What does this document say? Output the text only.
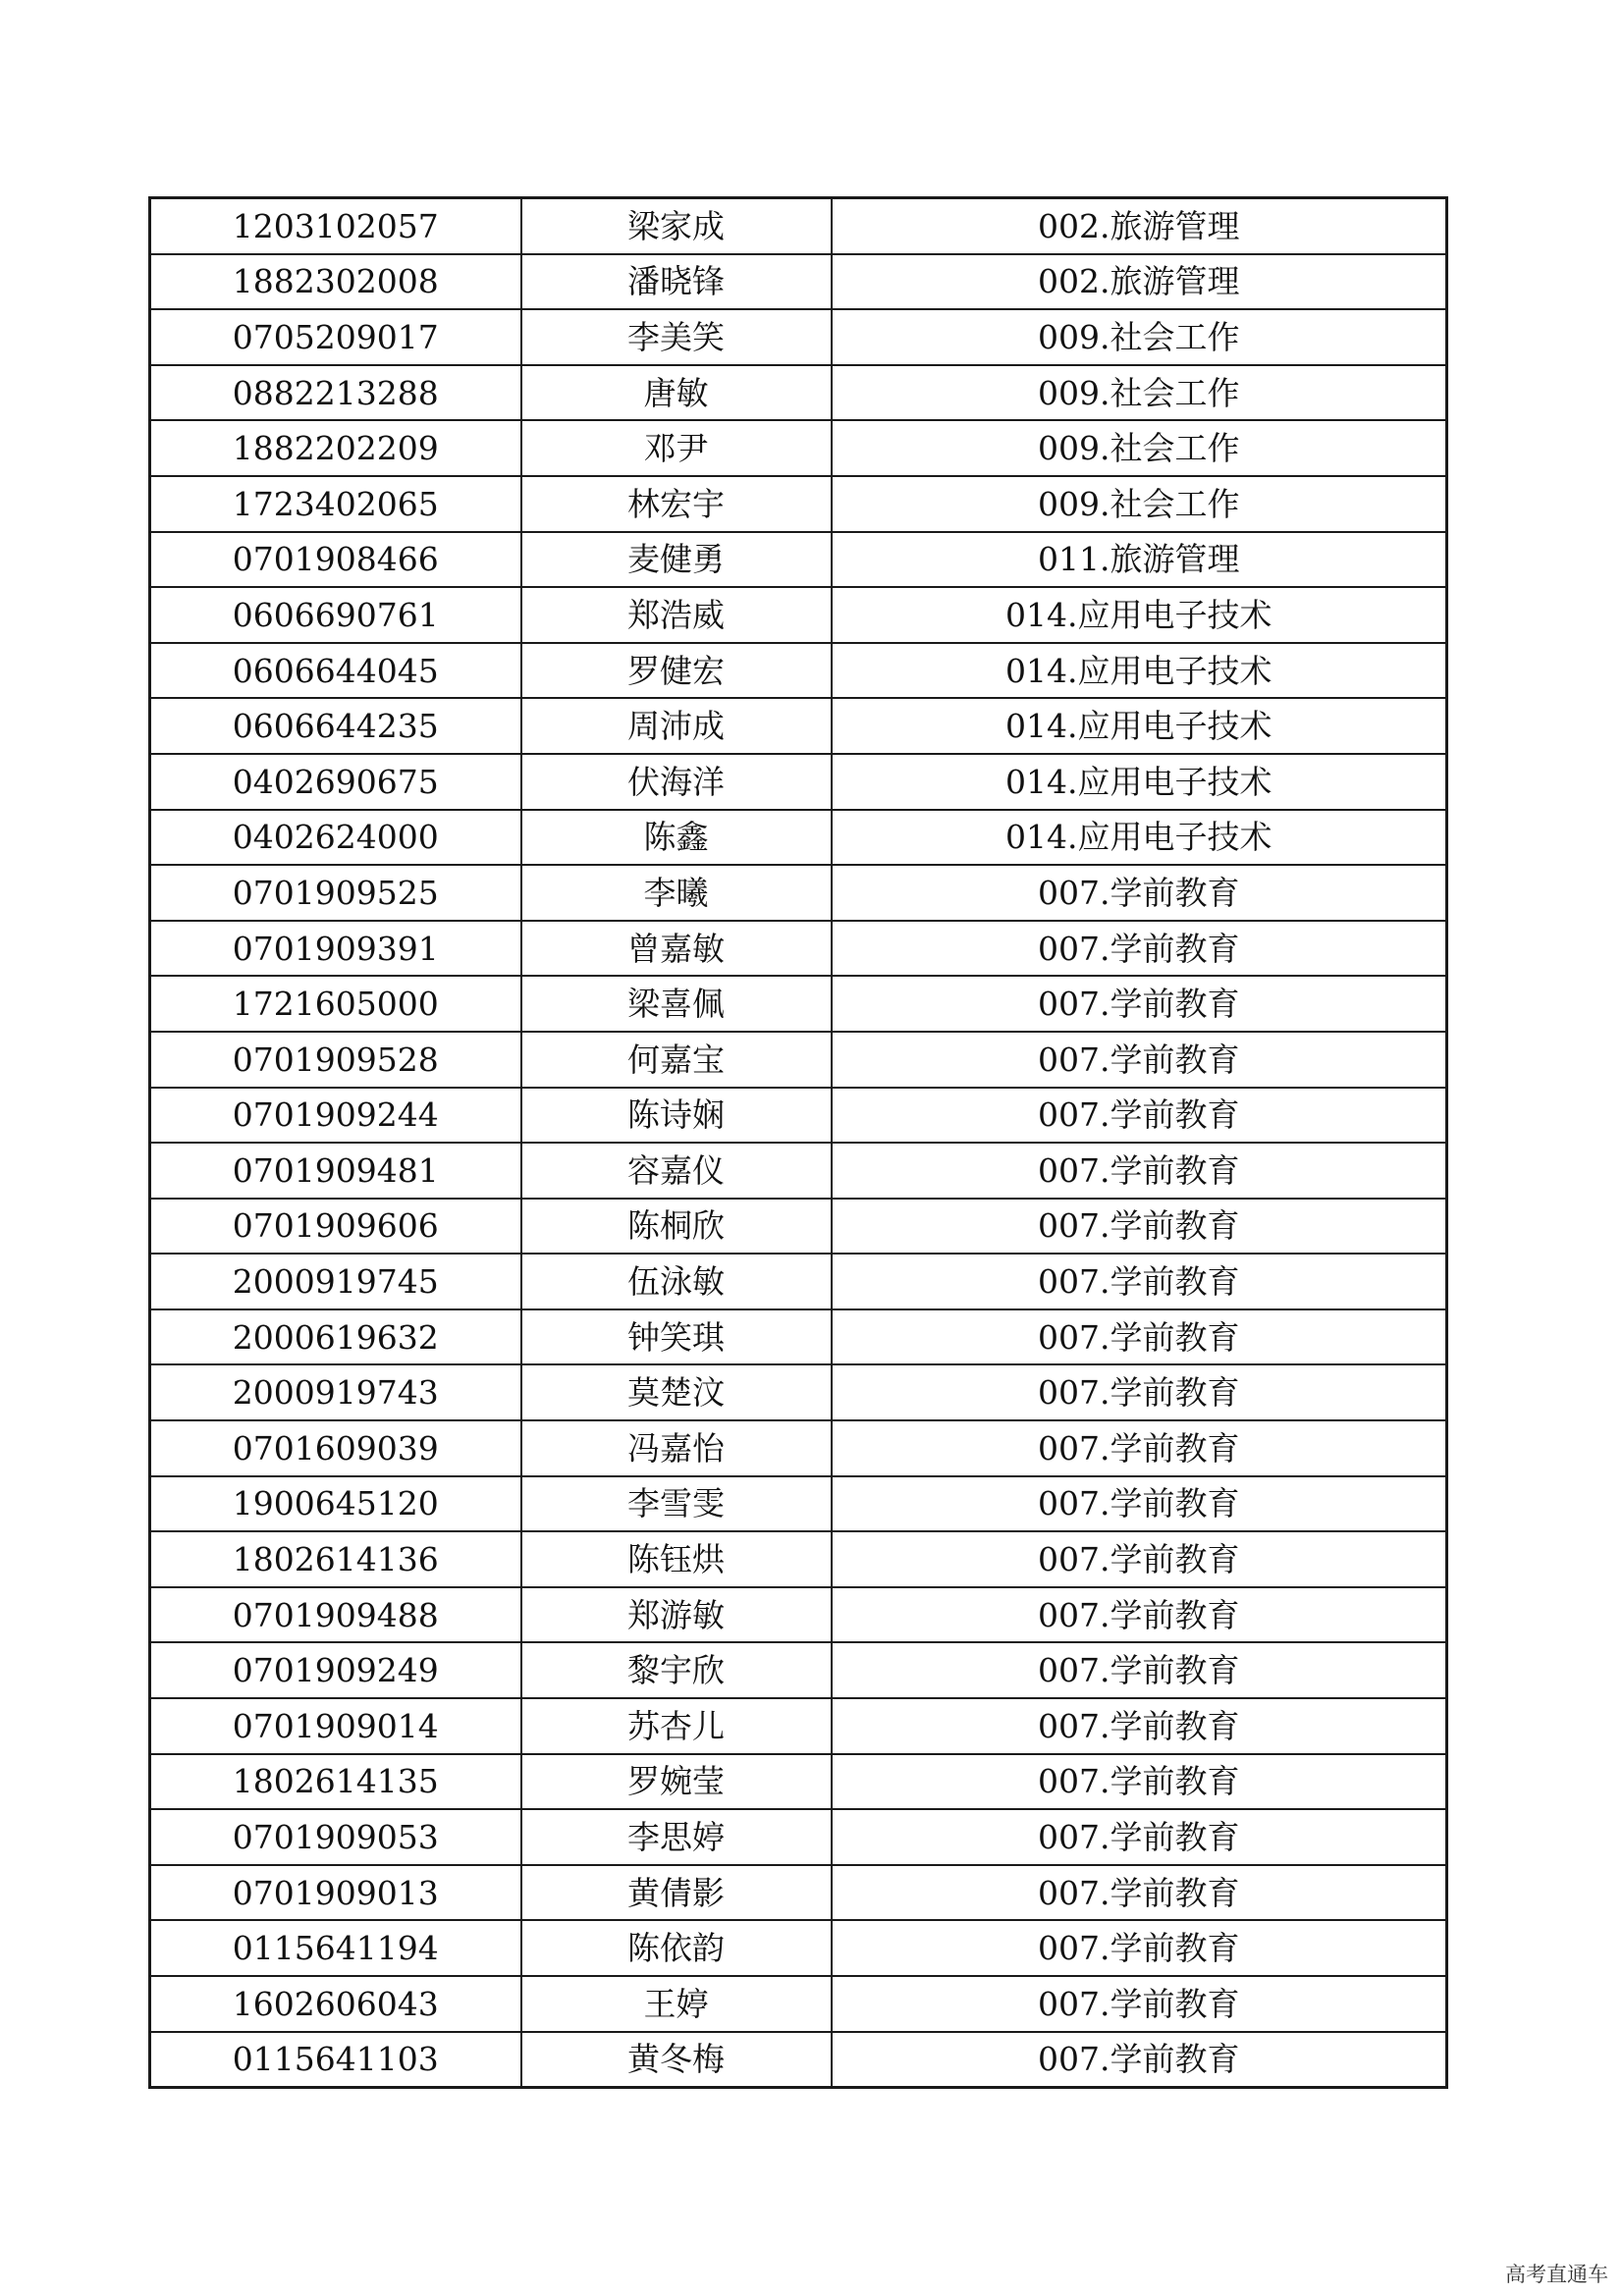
1203102057	梁家成	002.旅游管理
1882302008	潘晓锋	002.旅游管理
0705209017	李美笑	009.社会工作
0882213288	唐敏	009.社会工作
1882202209	邓尹	009.社会工作
1723402065	林宏宇	009.社会工作
0701908466	麦健勇	011.旅游管理
0606690761	郑浩威	014.应用电子技术
0606644045	罗健宏	014.应用电子技术
0606644235	周沛成	014.应用电子技术
0402690675	伏海洋	014.应用电子技术
0402624000	陈鑫	014.应用电子技术
0701909525	李曦	007.学前教育
0701909391	曾嘉敏	007.学前教育
1721605000	梁喜佩	007.学前教育
0701909528	何嘉宝	007.学前教育
0701909244	陈诗娴	007.学前教育
0701909481	容嘉仪	007.学前教育
0701909606	陈桐欣	007.学前教育
2000919745	伍泳敏	007.学前教育
2000619632	钟笑琪	007.学前教育
2000919743	莫楚汶	007.学前教育
0701609039	冯嘉怡	007.学前教育
1900645120	李雪雯	007.学前教育
1802614136	陈钰烘	007.学前教育
0701909488	郑游敏	007.学前教育
0701909249	黎宇欣	007.学前教育
0701909014	苏杏儿	007.学前教育
1802614135	罗婉莹	007.学前教育
0701909053	李思婷	007.学前教育
0701909013	黄倩影	007.学前教育
0115641194	陈依韵	007.学前教育
1602606043	王婷	007.学前教育
0115641103	黄冬梅	007.学前教育
高考直通车
